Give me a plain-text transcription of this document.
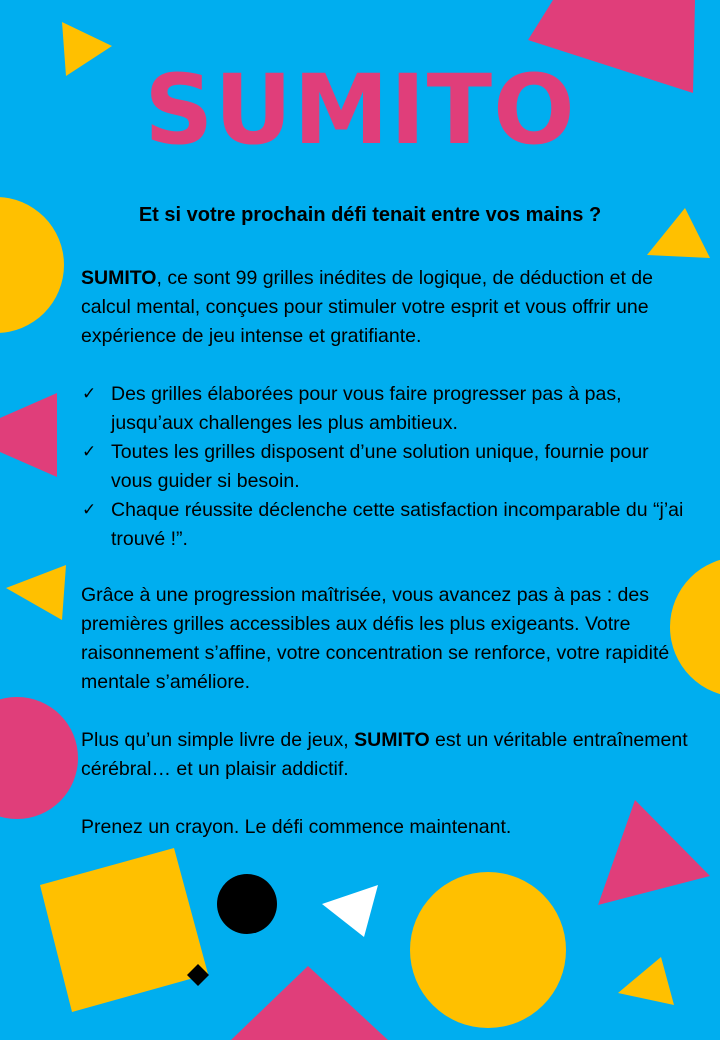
SUMITO
Et si votre prochain défi tenait entre vos mains ?
SUMITO, ce sont 99 grilles inédites de logique, de déduction et de calcul mental, conçues pour stimuler votre esprit et vous offrir une expérience de jeu intense et gratifiante.
✓ Des grilles élaborées pour vous faire progresser pas à pas, jusqu’aux challenges les plus ambitieux.
✓ Toutes les grilles disposent d’une solution unique, fournie pour vous guider si besoin.
✓ Chaque réussite déclenche cette satisfaction incomparable du “j’ai trouvé !”.
Grâce à une progression maîtrisée, vous avancez pas à pas : des premières grilles accessibles aux défis les plus exigeants. Votre raisonnement s’affine, votre concentration se renforce, votre rapidité mentale s’améliore.
Plus qu’un simple livre de jeux, SUMITO est un véritable entraînement cérébral… et un plaisir addictif.
Prenez un crayon. Le défi commence maintenant.
